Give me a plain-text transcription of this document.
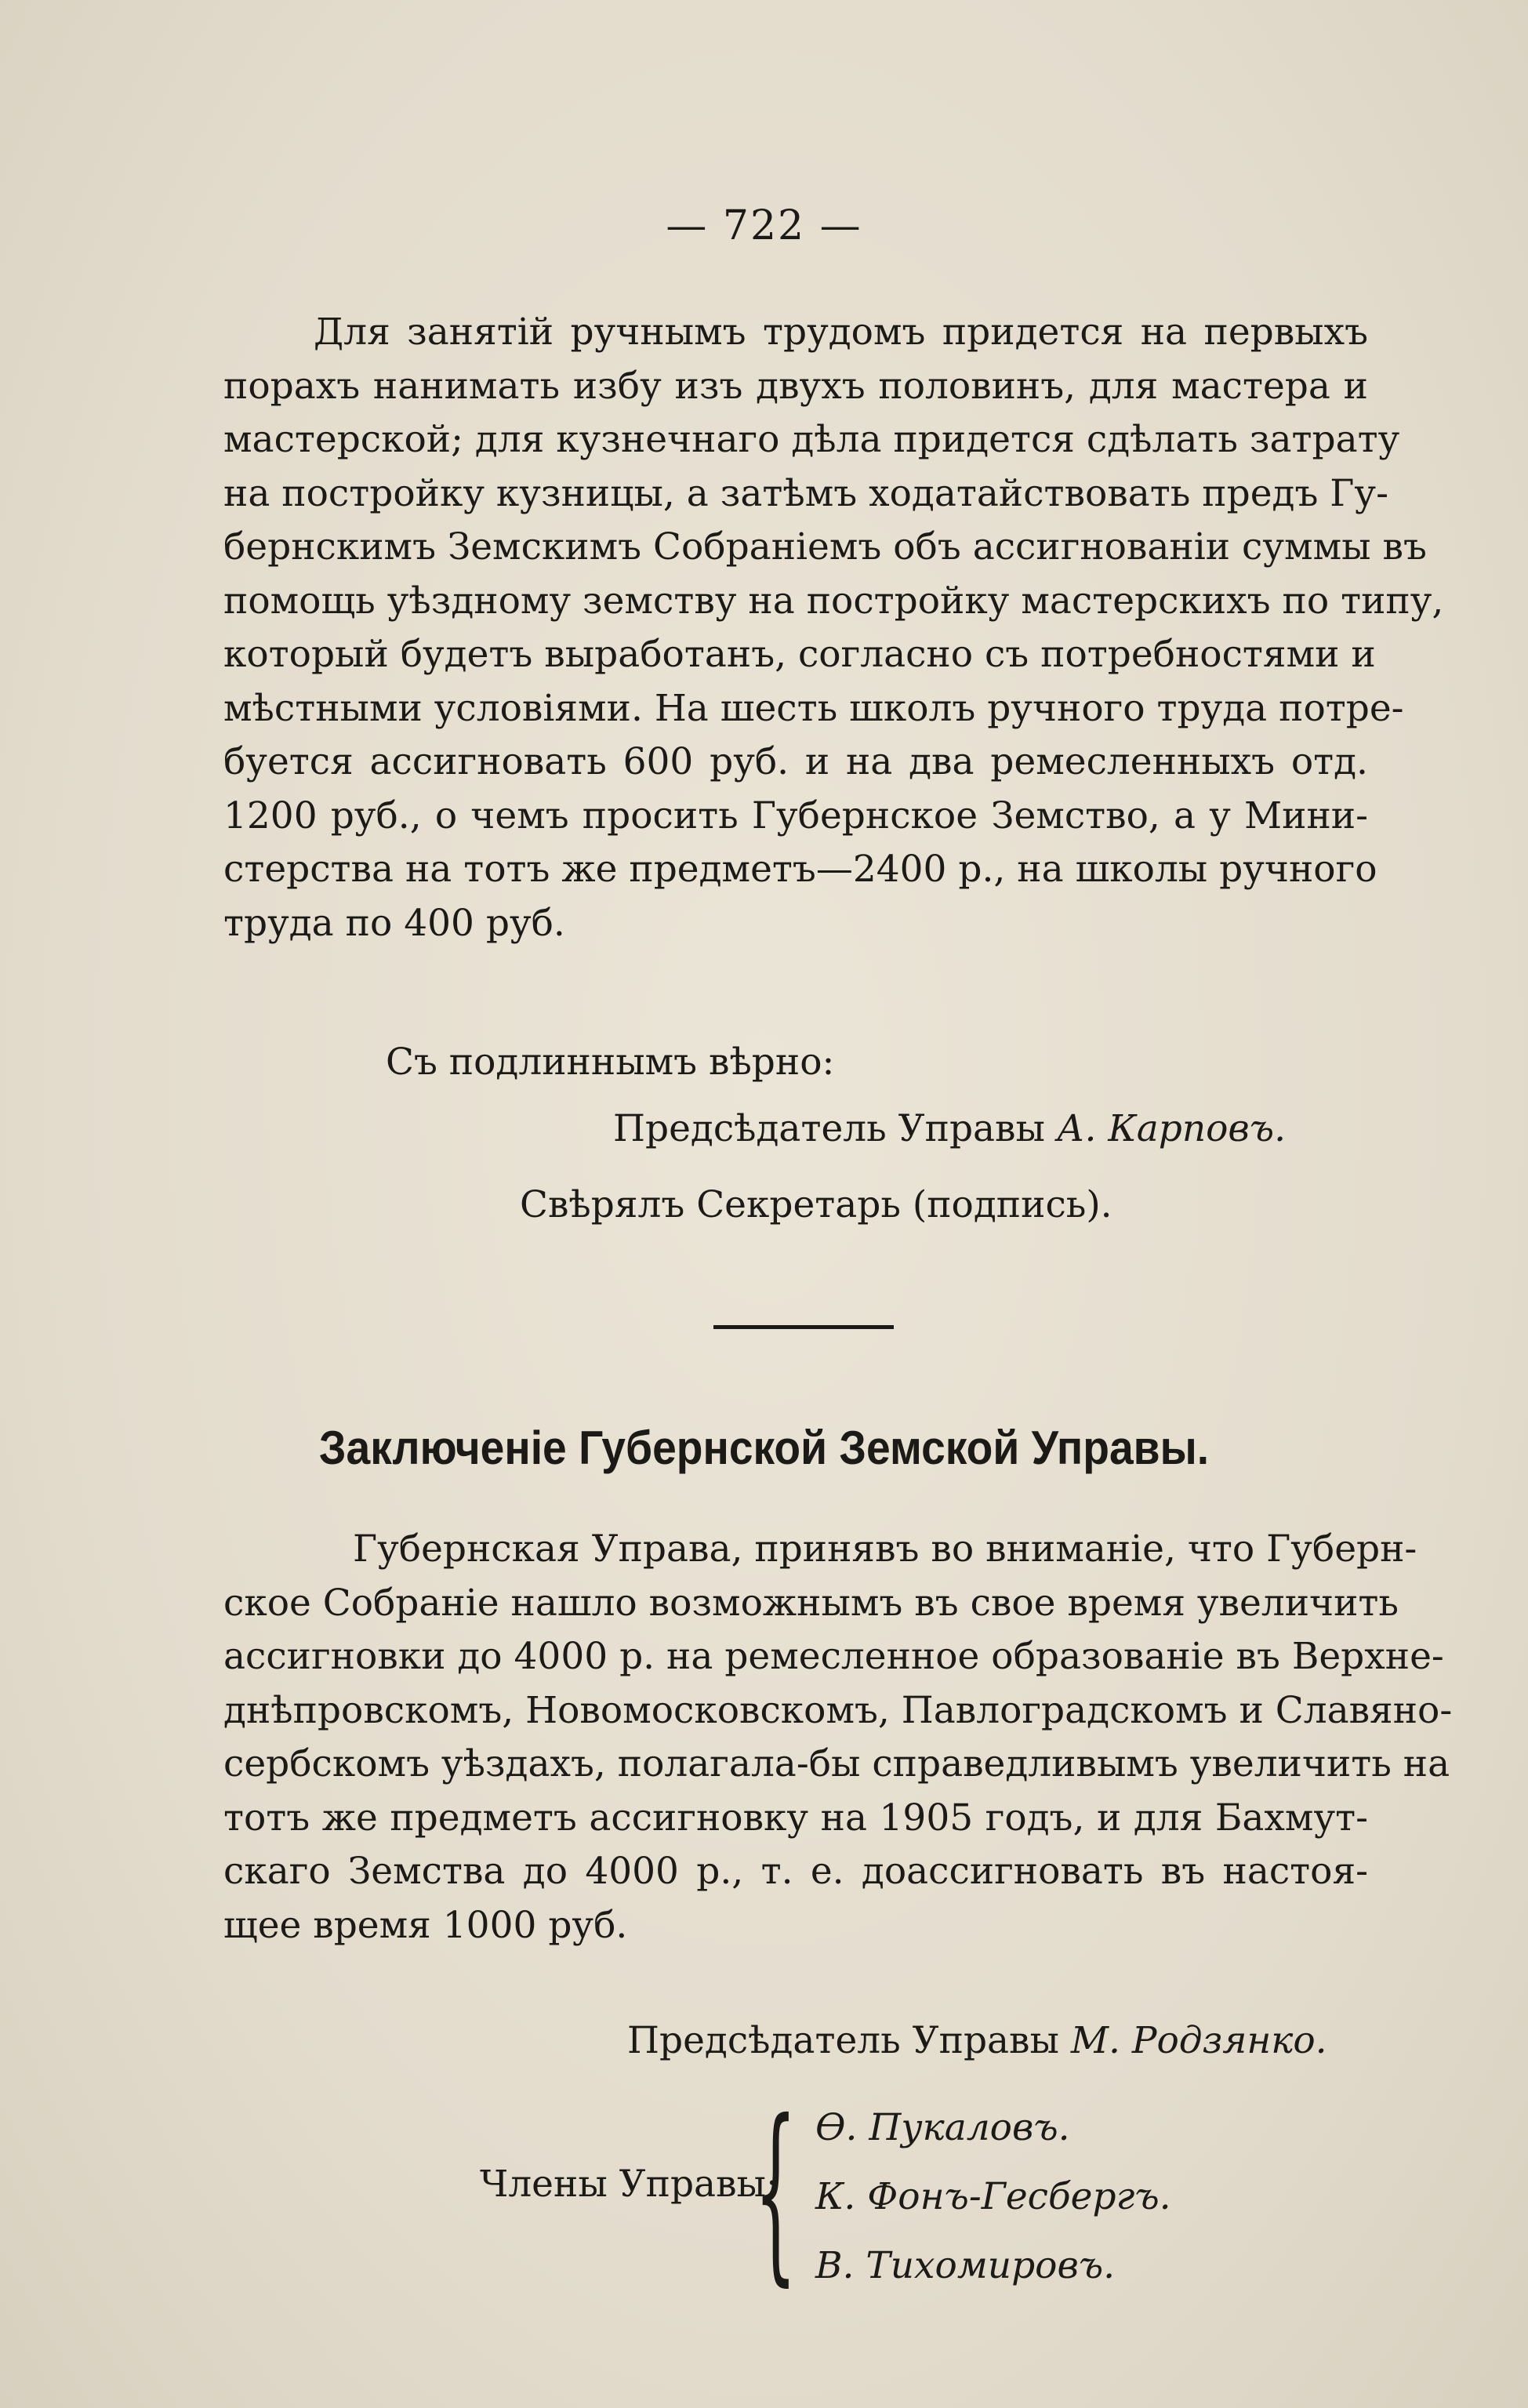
— 722 —
Для занятій ручнымъ трудомъ придется на первыхъ
порахъ нанимать избу изъ двухъ половинъ, для мастера и
мастерской; для кузнечнаго дѣла придется сдѣлать затрату
на постройку кузницы, а затѣмъ ходатайствовать предъ Гу-
бернскимъ Земскимъ Собраніемъ объ ассигнованіи суммы въ
помощь уѣздному земству на постройку мастерскихъ по типу,
который будетъ выработанъ, согласно съ потребностями и
мѣстными условіями. На шесть школъ ручного труда потре-
буется ассигновать 600 руб. и на два ремесленныхъ отд.
1200 руб., о чемъ просить Губернское Земство, а у Мини-
стерства на тотъ же предметъ—2400 р., на школы ручного
труда по 400 руб.
Съ подлиннымъ вѣрно:
Предсѣдатель Управы А. Карповъ.
Свѣрялъ Секретарь (подпись).
Заключеніе Губернской Земской Управы.
Губернская Управа, принявъ во вниманіе, что Губерн-
ское Собраніе нашло возможнымъ въ свое время увеличить
ассигновки до 4000 р. на ремесленное образованіе въ Верхне-
днѣпровскомъ, Новомосковскомъ, Павлоградскомъ и Славяно-
сербскомъ уѣздахъ, полагала-бы справедливымъ увеличить на
тотъ же предметъ ассигновку на 1905 годъ, и для Бахмут-
скаго Земства до 4000 р., т. е. доассигновать въ настоя-
щее время 1000 руб.
Предсѣдатель Управы М. Родзянко.
Члены Управы:
{ Ѳ. Пукаловъ.
К. Фонъ-Гесбергъ.
В. Тихомировъ.
